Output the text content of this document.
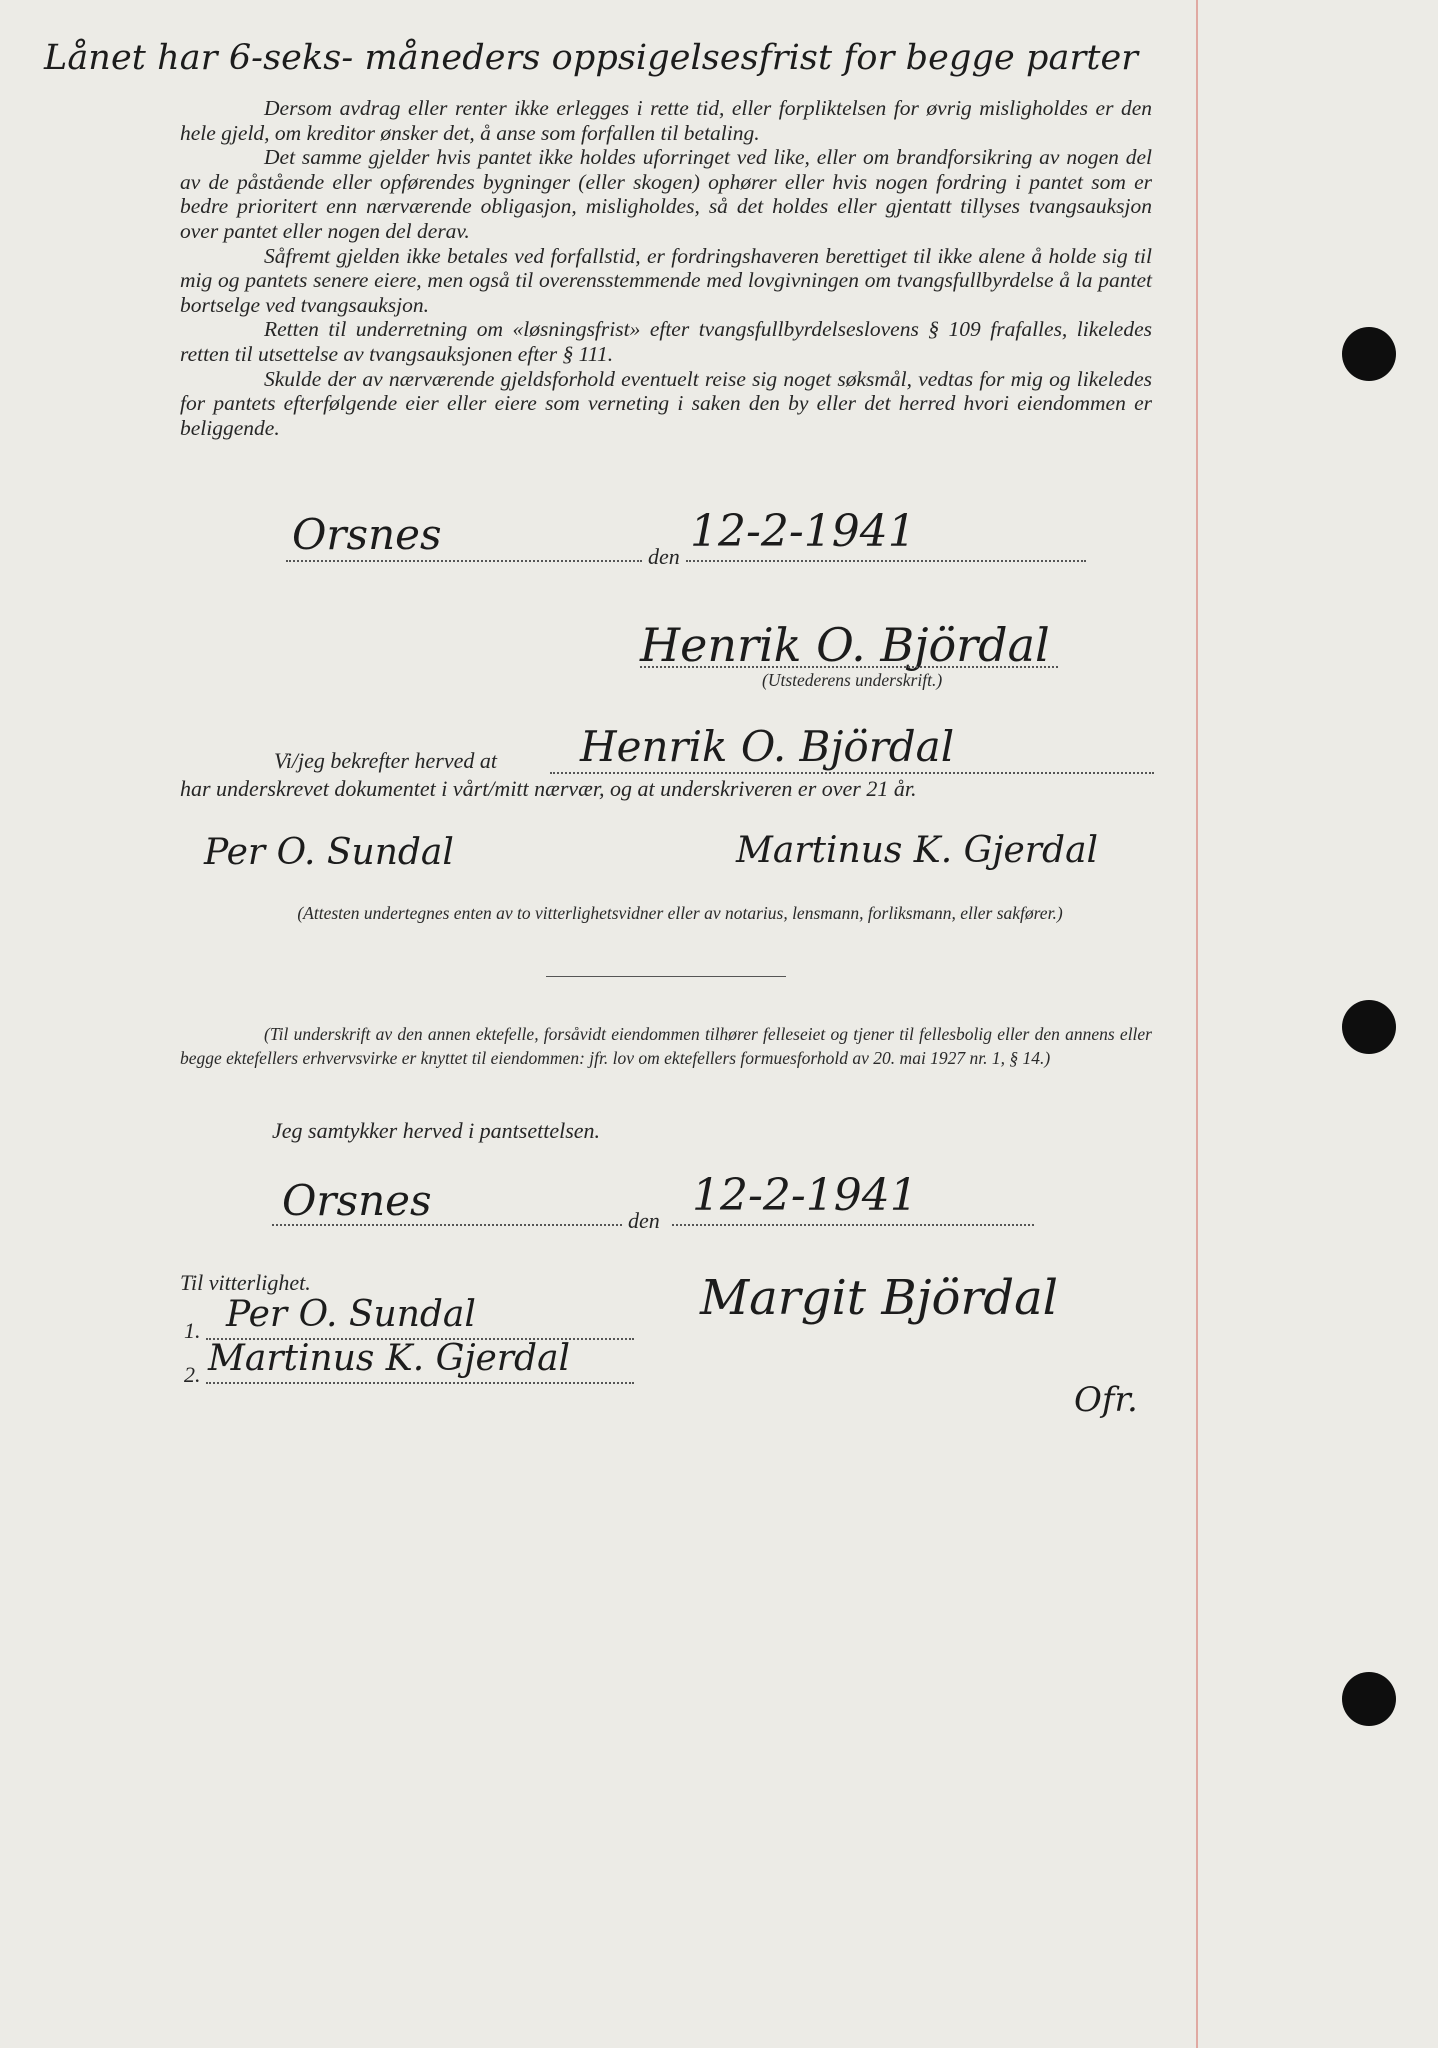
Lånet har 6-seks- måneders oppsigelsesfrist for begge parter

Dersom avdrag eller renter ikke erlegges i rette tid, eller forpliktelsen for øvrig misligholdes er den hele gjeld, om kreditor ønsker det, å anse som forfallen til betaling.

Det samme gjelder hvis pantet ikke holdes uforringet ved like, eller om brandforsikring av nogen del av de påstående eller opførendes bygninger (eller skogen) ophører eller hvis nogen fordring i pantet som er bedre prioritert enn nærværende obligasjon, misligholdes, så det holdes eller gjentatt tillyses tvangsauksjon over pantet eller nogen del derav.

Såfremt gjelden ikke betales ved forfallstid, er fordringshaveren berettiget til ikke alene å holde sig til mig og pantets senere eiere, men også til overensstemmende med lovgivningen om tvangsfullbyrdelse å la pantet bortselge ved tvangsauksjon.

Retten til underretning om «løsningsfrist» efter tvangsfullbyrdelseslovens § 109 frafalles, likeledes retten til utsettelse av tvangsauksjonen efter § 111.

Skulde der av nærværende gjeldsforhold eventuelt reise sig noget søksmål, vedtas for mig og likeledes for pantets efterfølgende eier eller eiere som verneting i saken den by eller det herred hvori eiendommen er beliggende.

Orsnes	den 12-2-1941
Henrik O. Björdal
(Utstederens underskrift.)
Vi/jeg bekrefter herved at Henrik O. Björdal
har underskrevet dokumentet i vårt/mitt nærvær, og at underskriveren er over 21 år.
Per O. Sundal	Martinus K. Gjerdal
(Attesten undertegnes enten av to vitterlighetsvidner eller av notarius, lensmann, forliksmann, eller sakfører.)
(Til underskrift av den annen ektefelle, forsåvidt eiendommen tilhører felleseiet og tjener til fellesbolig eller den annens eller begge ektefellers erhvervsvirke er knyttet til eiendommen: jfr. lov om ektefellers formuesforhold av 20. mai 1927 nr. 1, § 14.)
Jeg samtykker herved i pantsettelsen.
Orsnes	den 12-2-1941
Til vitterlighet.
1. Per O. Sundal
2. Martinus K. Gjerdal
Margit Björdal
Ofr.
